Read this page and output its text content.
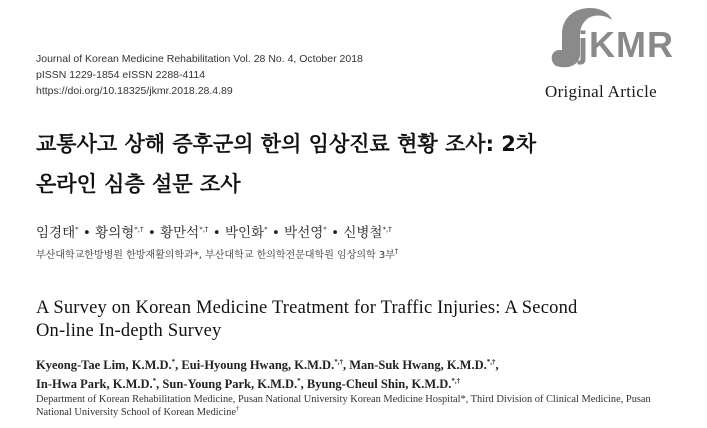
Journal of Korean Medicine Rehabilitation Vol. 28 No. 4, October 2018
pISSN 1229-1854 eISSN 2288-4114
https://doi.org/10.18325/jkmr.2018.28.4.89
jKMR
Original Article
교통사고 상해 증후군의 한의 임상진료 현황 조사: 2차
온라인 심층 설문 조사
임경태* • 황의형*,† • 황만석*,† • 박인화* • 박선영* • 신병철*,†
부산대학교한방병원 한방재활의학과*, 부산대학교 한의학전문대학원 임상의학 3부†
A Survey on Korean Medicine Treatment for Traffic Injuries: A Second
On-line In-depth Survey
Kyeong-Tae Lim, K.M.D.*, Eui-Hyoung Hwang, K.M.D.*,†, Man-Suk Hwang, K.M.D.*,†,
In-Hwa Park, K.M.D.*, Sun-Young Park, K.M.D.*, Byung-Cheul Shin, K.M.D.*,†
Department of Korean Rehabilitation Medicine, Pusan National University Korean Medicine Hospital*, Third Division of Clinical Medicine, Pusan National University School of Korean Medicine†
